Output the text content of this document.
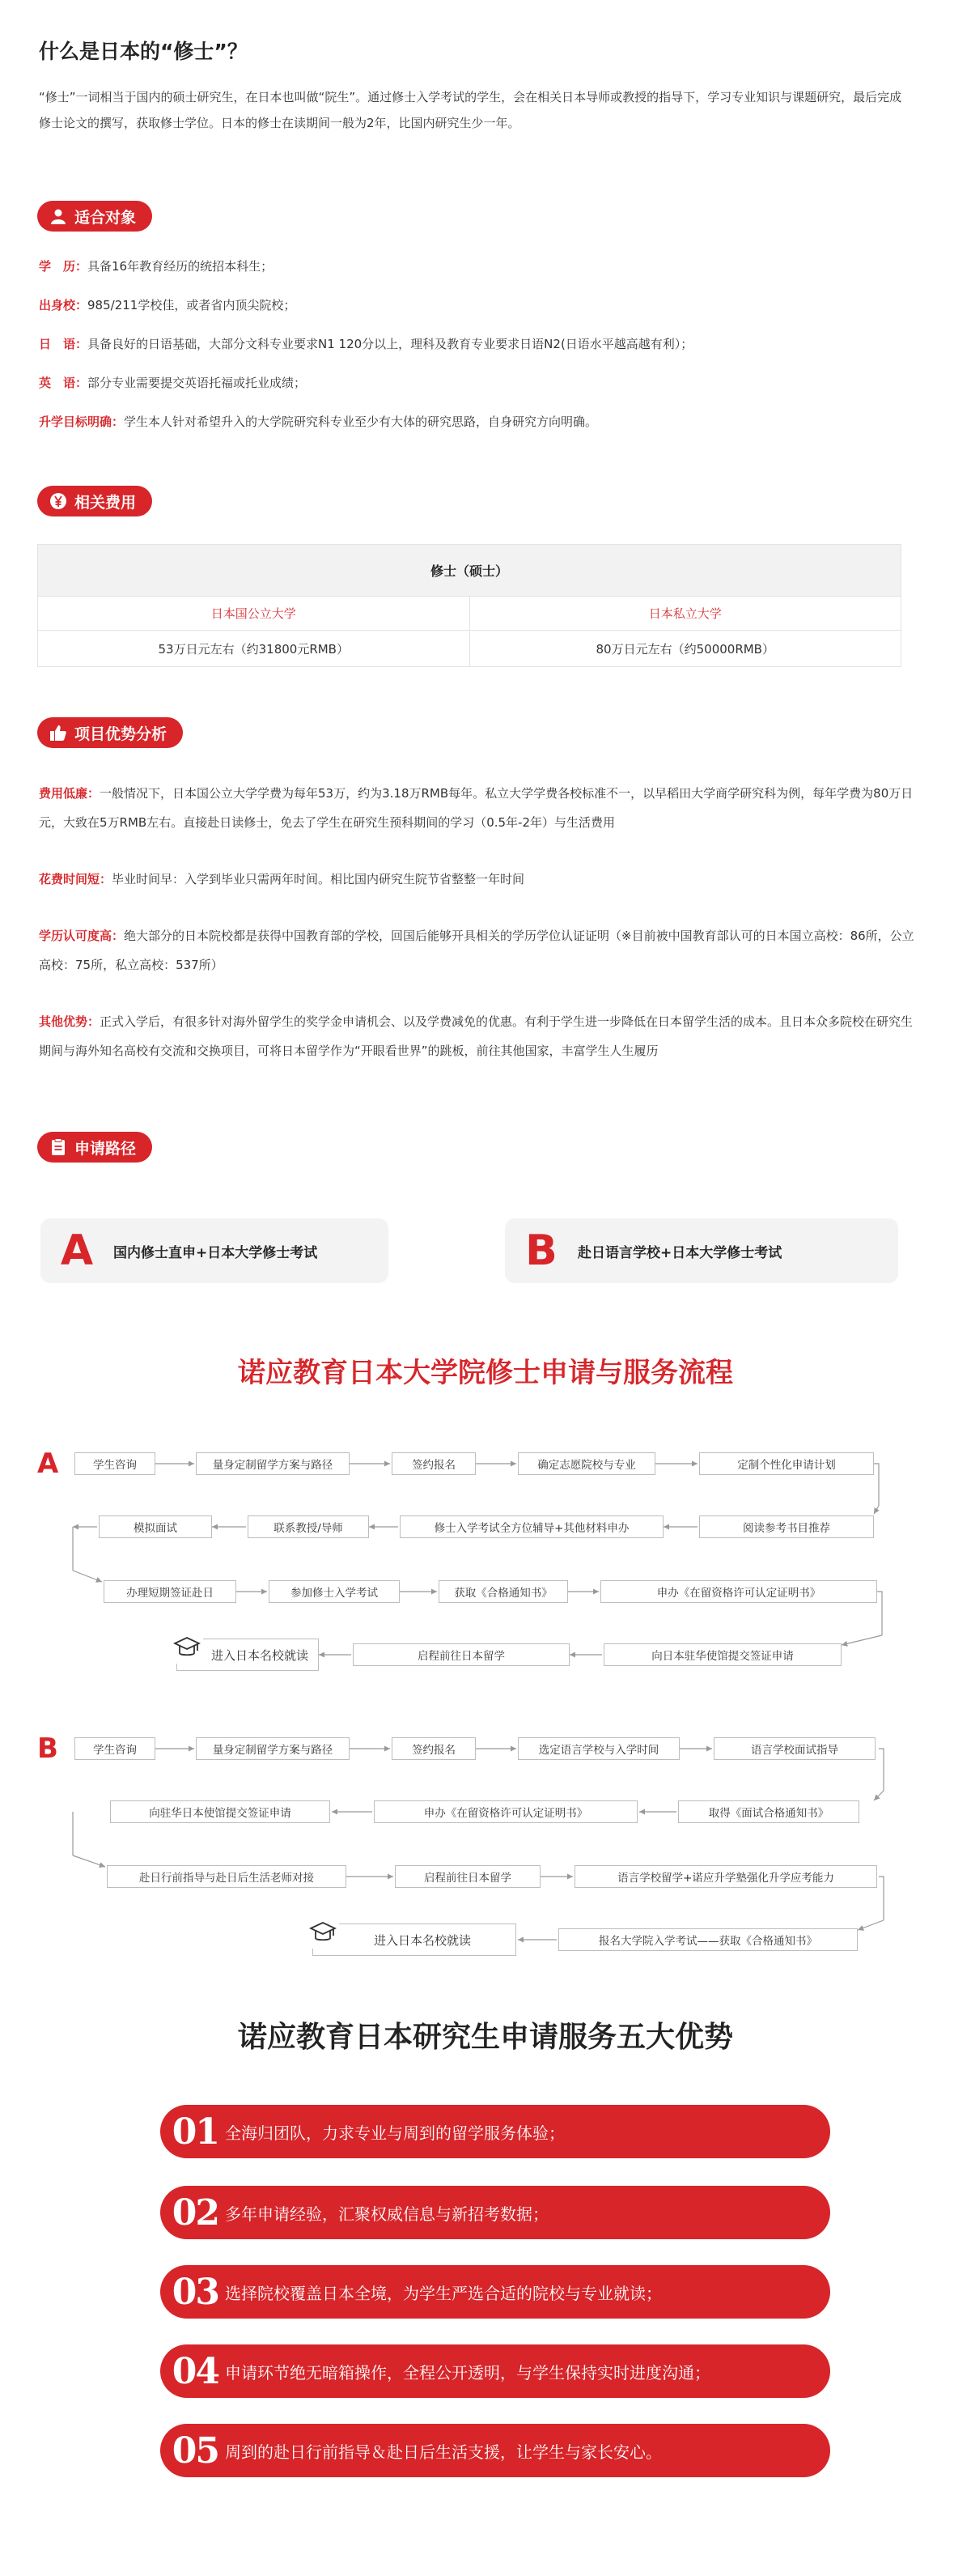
什么是日本的“修士”？
“修士”一词相当于国内的硕士研究生，在日本也叫做“院生”。通过修士入学考试的学生，会在相关日本导师或教授的指导下，学习专业知识与课题研究，最后完成修士论文的撰写，获取修士学位。日本的修士在读期间一般为2年，比国内研究生少一年。
适合对象
学　历：具备16年教育经历的统招本科生；
出身校：985/211学校佳，或者省内顶尖院校；
日　语：具备良好的日语基础，大部分文科专业要求N1 120分以上，理科及教育专业要求日语N2(日语水平越高越有利）；
英　语：部分专业需要提交英语托福或托业成绩；
升学目标明确：学生本人针对希望升入的大学院研究科专业至少有大体的研究思路，自身研究方向明确。
相关费用
修士（硕士）
日本国公立大学	日本私立大学
53万日元左右（约31800元RMB）	80万日元左右（约50000RMB）
项目优势分析
费用低廉：一般情况下，日本国公立大学学费为每年53万，约为3.18万RMB每年。私立大学学费各校标准不一，以早稻田大学商学研究科为例，每年学费为80万日元，大致在5万RMB左右。直接赴日读修士，免去了学生在研究生预科期间的学习（0.5年-2年）与生活费用
花费时间短：毕业时间早：入学到毕业只需两年时间。相比国内研究生院节省整整一年时间
学历认可度高：绝大部分的日本院校都是获得中国教育部的学校，回国后能够开具相关的学历学位认证证明（※目前被中国教育部认可的日本国立高校：86所，公立高校：75所，私立高校：537所）
其他优势：正式入学后，有很多针对海外留学生的奖学金申请机会、以及学费减免的优惠。有利于学生进一步降低在日本留学生活的成本。且日本众多院校在研究生期间与海外知名高校有交流和交换项目，可将日本留学作为“开眼看世界”的跳板，前往其他国家，丰富学生人生履历
申请路径
A	国内修士直申+日本大学修士考试	B	赴日语言学校+日本大学修士考试
诺应教育日本大学院修士申请与服务流程
A	学生咨询	量身定制留学方案与路径	签约报名	确定志愿院校与专业	定制个性化申请计划
阅读参考书目推荐
修士入学考试全方位辅导+其他材料申办
联系教授/导师
模拟面试
办理短期签证赴日	参加修士入学考试	获取《合格通知书》	申办《在留资格许可认定证明书》
向日本驻华使馆提交签证申请
启程前往日本留学
进入日本名校就读
B	学生咨询	量身定制留学方案与路径	签约报名	选定语言学校与入学时间	语言学校面试指导
取得《面试合格通知书》
申办《在留资格许可认定证明书》
向驻华日本使馆提交签证申请
赴日行前指导与赴日后生活老师对接	启程前往日本留学	语言学校留学+诺应升学塾强化升学应考能力
报名大学院入学考试——获取《合格通知书》
进入日本名校就读
诺应教育日本研究生申请服务五大优势
01 全海归团队，力求专业与周到的留学服务体验；
02 多年申请经验，汇聚权威信息与新招考数据；
03 选择院校覆盖日本全境，为学生严选合适的院校与专业就读；
04 申请环节绝无暗箱操作，全程公开透明，与学生保持实时进度沟通；
05 周到的赴日行前指导＆赴日后生活支援，让学生与家长安心。
